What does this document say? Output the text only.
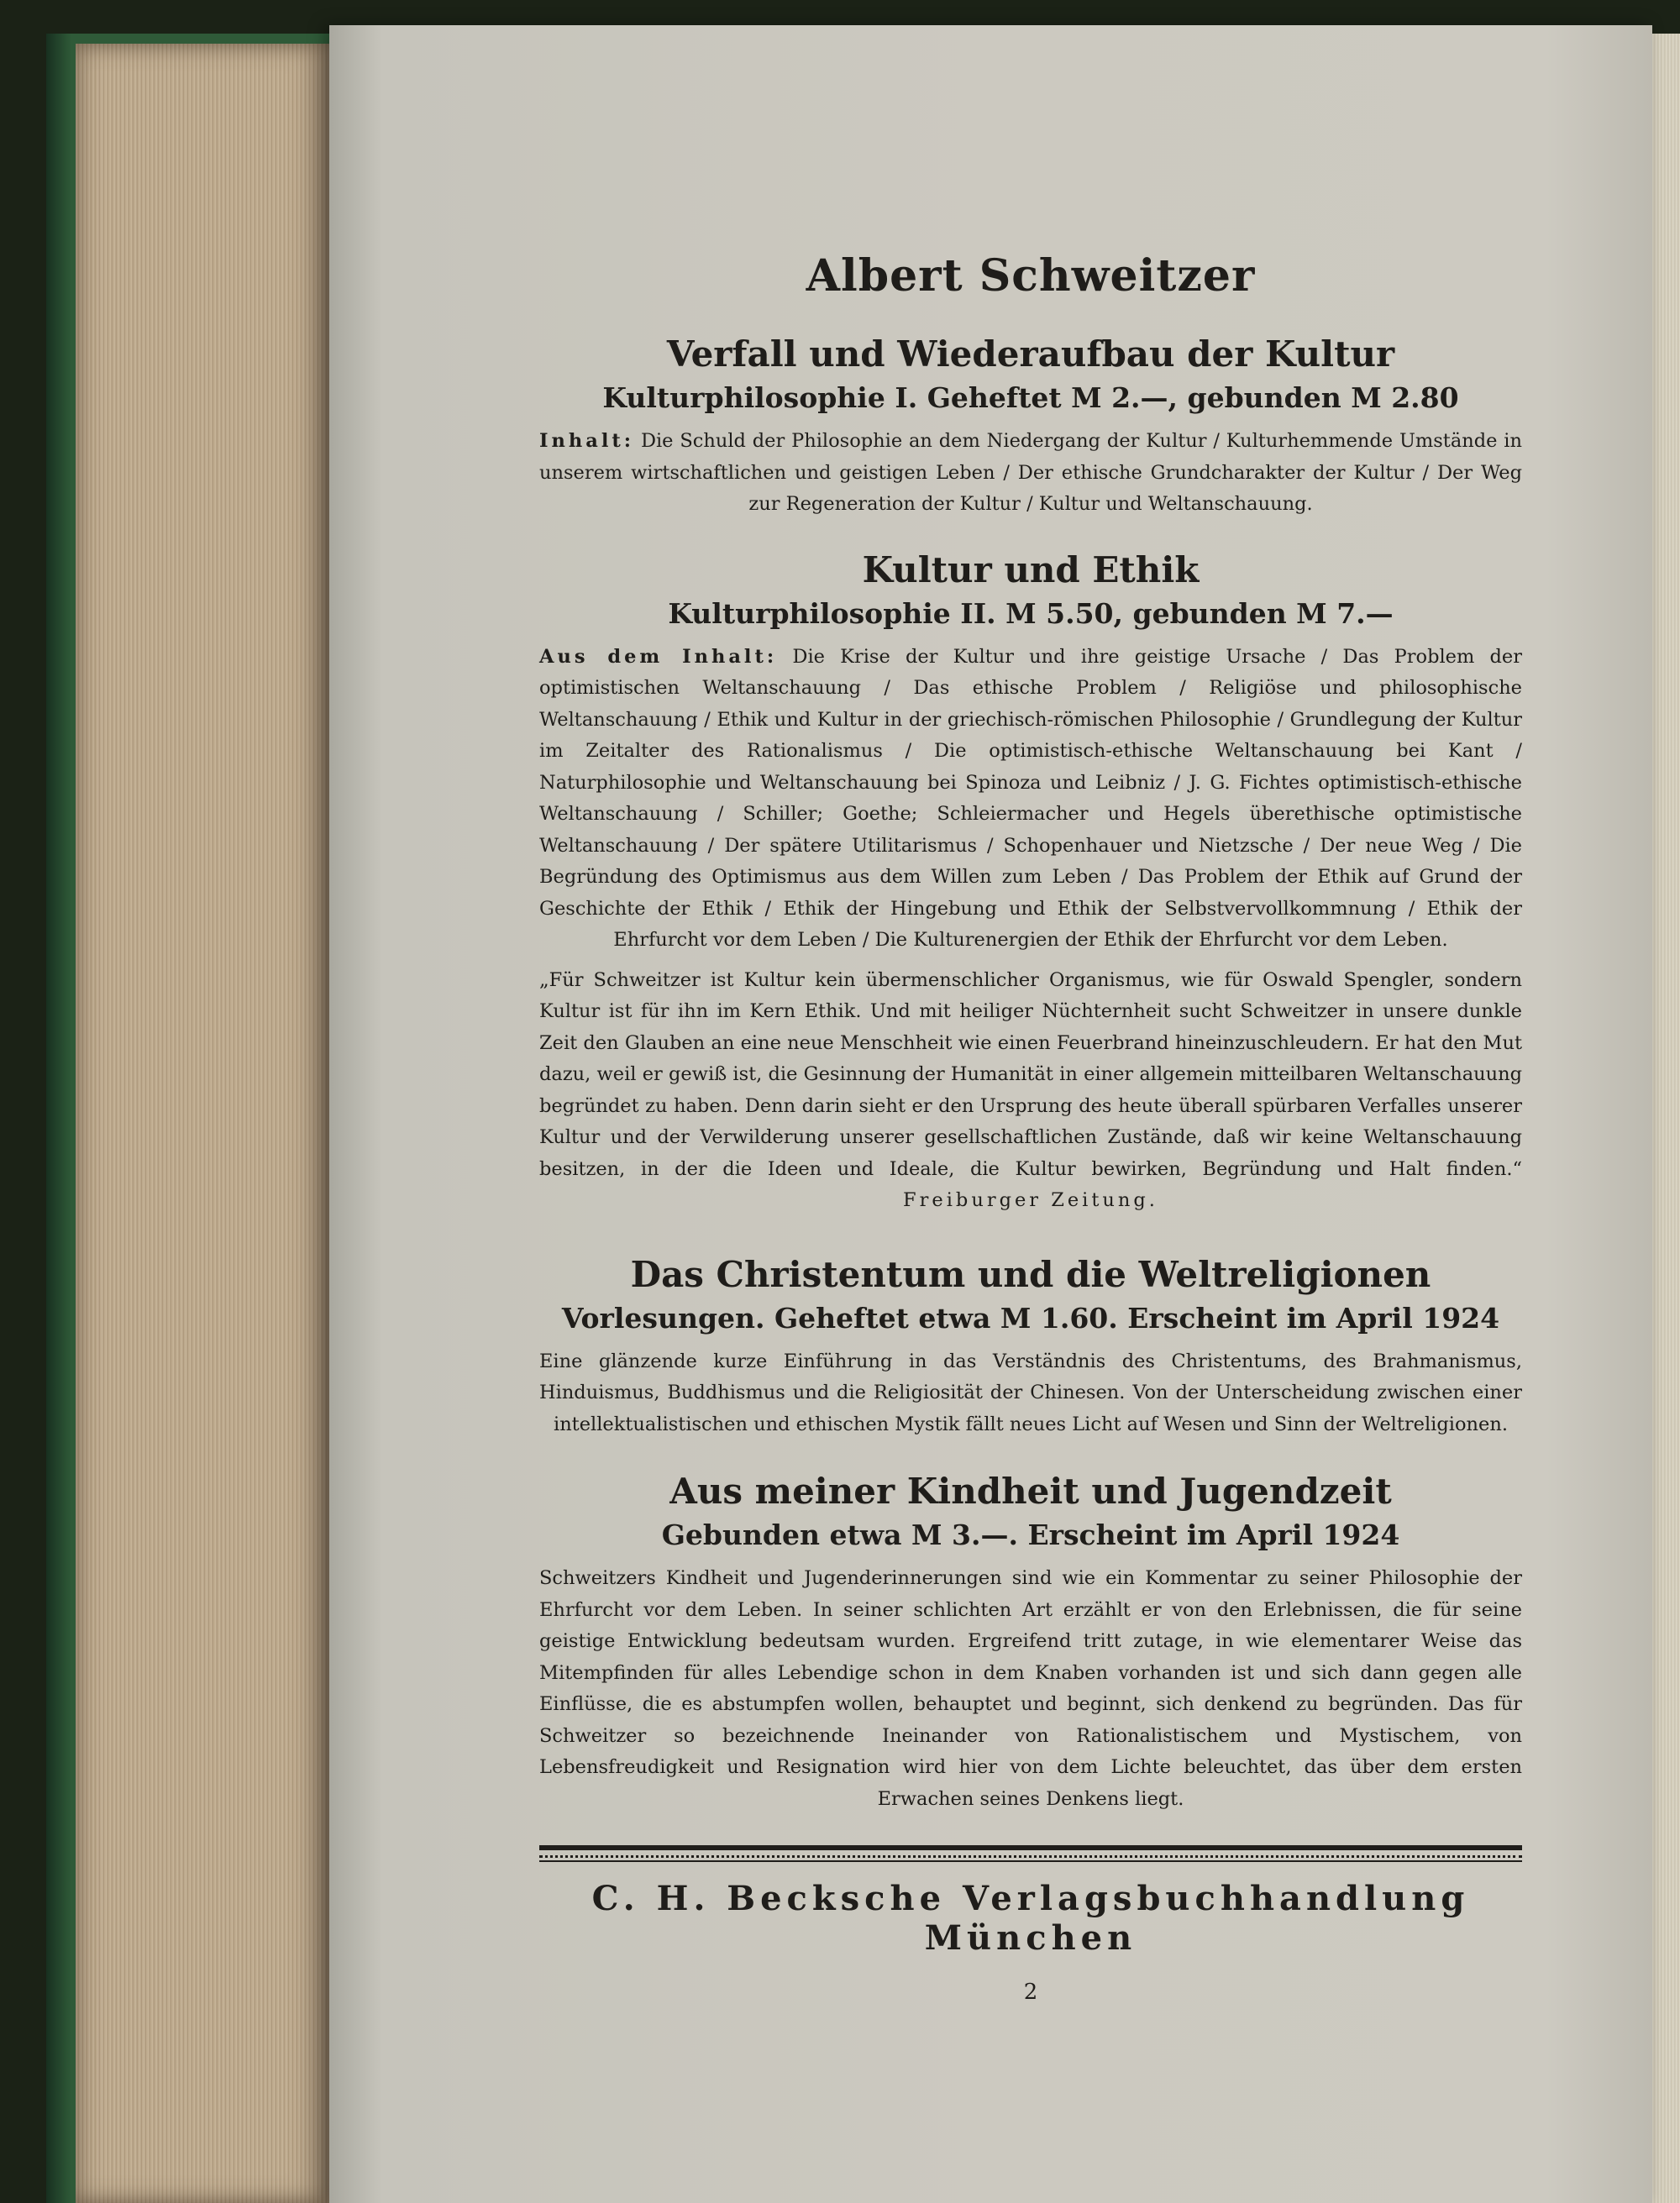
Albert Schweitzer
Verfall und Wiederaufbau der Kultur
Kulturphilosophie I. Geheftet M 2.—, gebunden M 2.80

Inhalt: Die Schuld der Philosophie an dem Niedergang der Kultur / Kulturhemmende Umstände in unserem wirtschaftlichen und geistigen Leben / Der ethische Grundcharakter der Kultur / Der Weg zur Regeneration der Kultur / Kultur und Weltanschauung.

Kultur und Ethik
Kulturphilosophie II. M 5.50, gebunden M 7.—

Aus dem Inhalt: Die Krise der Kultur und ihre geistige Ursache / Das Problem der optimistischen Weltanschauung / Das ethische Problem / Religiöse und philosophische Weltanschauung / Ethik und Kultur in der griechisch-römischen Philosophie / Grundlegung der Kultur im Zeitalter des Rationalismus / Die optimistisch-ethische Weltanschauung bei Kant / Naturphilosophie und Weltanschauung bei Spinoza und Leibniz / J. G. Fichtes optimistisch-ethische Weltanschauung / Schiller; Goethe; Schleiermacher und Hegels überethische optimistische Weltanschauung / Der spätere Utilitarismus / Schopenhauer und Nietzsche / Der neue Weg / Die Begründung des Optimismus aus dem Willen zum Leben / Das Problem der Ethik auf Grund der Geschichte der Ethik / Ethik der Hingebung und Ethik der Selbstvervollkommnung / Ethik der Ehrfurcht vor dem Leben / Die Kulturenergien der Ethik der Ehrfurcht vor dem Leben.

„Für Schweitzer ist Kultur kein übermenschlicher Organismus, wie für Oswald Spengler, sondern Kultur ist für ihn im Kern Ethik. Und mit heiliger Nüchternheit sucht Schweitzer in unsere dunkle Zeit den Glauben an eine neue Menschheit wie einen Feuerbrand hineinzuschleudern. Er hat den Mut dazu, weil er gewiß ist, die Gesinnung der Humanität in einer allgemein mitteilbaren Weltanschauung begründet zu haben. Denn darin sieht er den Ursprung des heute überall spürbaren Verfalles unserer Kultur und der Verwilderung unserer gesellschaftlichen Zustände, daß wir keine Weltanschauung besitzen, in der die Ideen und Ideale, die Kultur bewirken, Begründung und Halt finden.“ Freiburger Zeitung.

Das Christentum und die Weltreligionen
Vorlesungen. Geheftet etwa M 1.60. Erscheint im April 1924

Eine glänzende kurze Einführung in das Verständnis des Christentums, des Brahmanismus, Hinduismus, Buddhismus und die Religiosität der Chinesen. Von der Unterscheidung zwischen einer intellektualistischen und ethischen Mystik fällt neues Licht auf Wesen und Sinn der Weltreligionen.

Aus meiner Kindheit und Jugendzeit
Gebunden etwa M 3.—. Erscheint im April 1924

Schweitzers Kindheit und Jugenderinnerungen sind wie ein Kommentar zu seiner Philosophie der Ehrfurcht vor dem Leben. In seiner schlichten Art erzählt er von den Erlebnissen, die für seine geistige Entwicklung bedeutsam wurden. Ergreifend tritt zutage, in wie elementarer Weise das Mitempfinden für alles Lebendige schon in dem Knaben vorhanden ist und sich dann gegen alle Einflüsse, die es abstumpfen wollen, behauptet und beginnt, sich denkend zu begründen. Das für Schweitzer so bezeichnende Ineinander von Rationalistischem und Mystischem, von Lebensfreudigkeit und Resignation wird hier von dem Lichte beleuchtet, das über dem ersten Erwachen seines Denkens liegt.

C. H. Becksche Verlagsbuchhandlung München
2
